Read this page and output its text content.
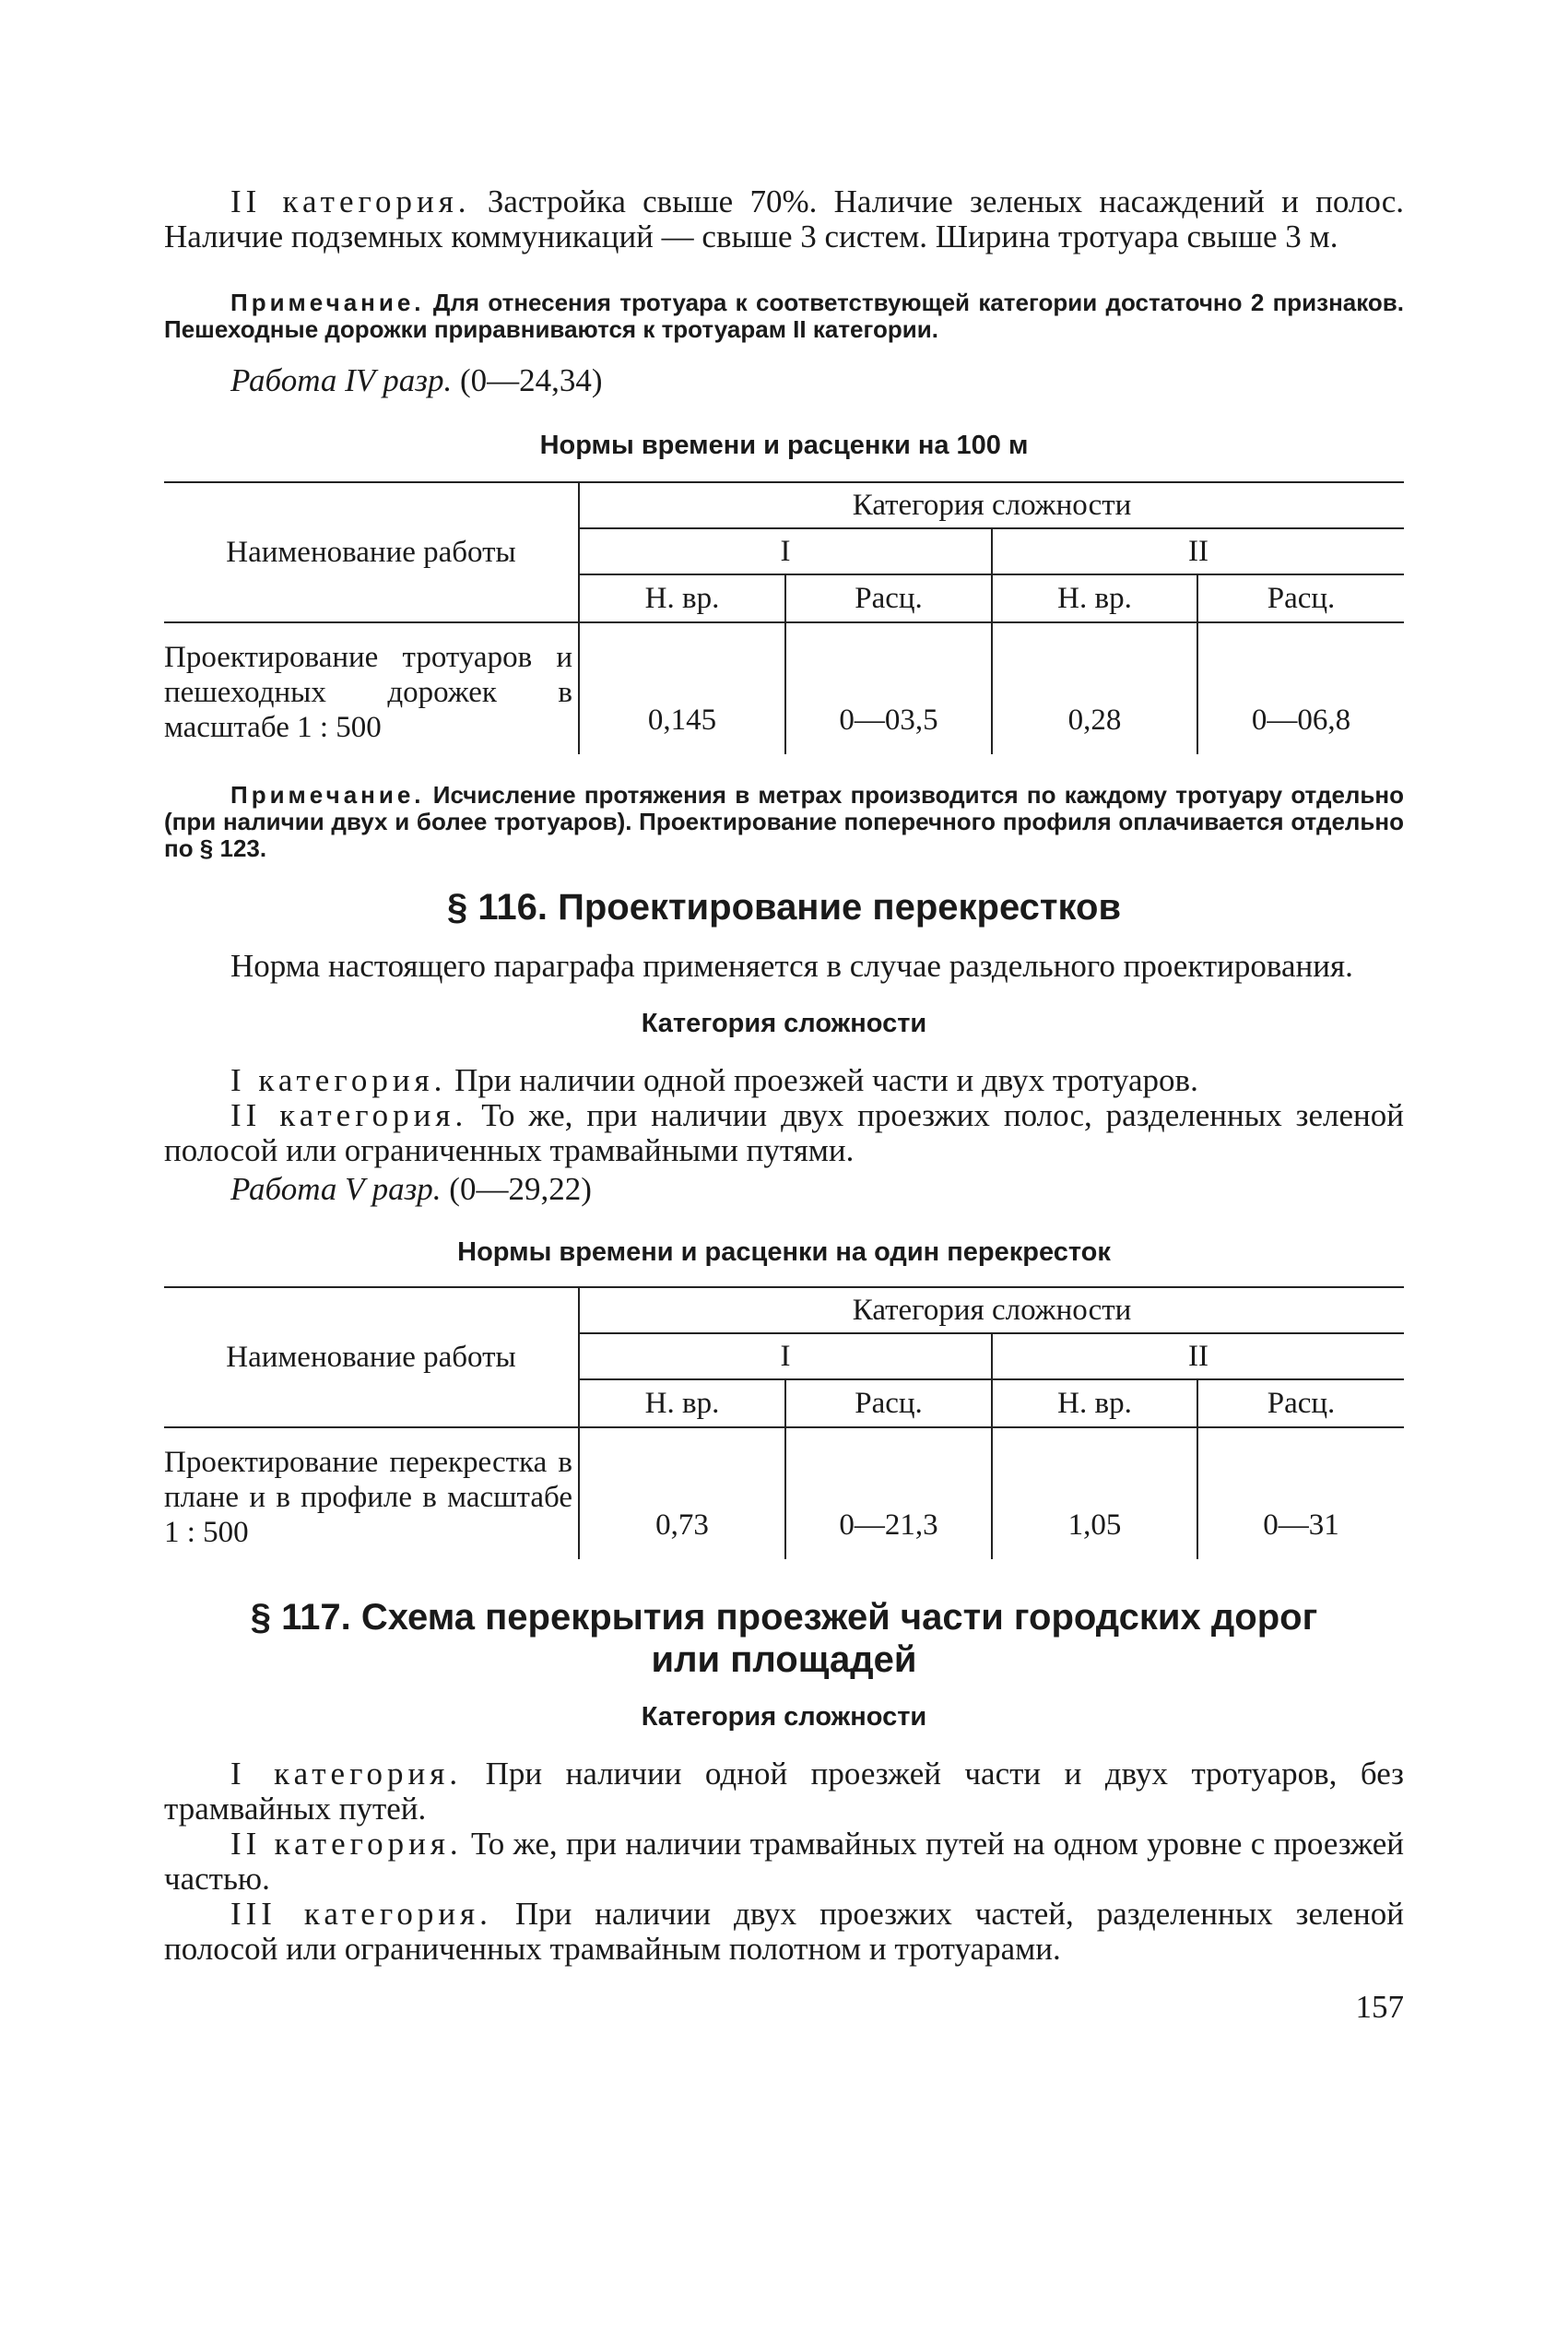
II категория. Застройка свыше 70%. Наличие зеленых насаждений и полос. Наличие подземных коммуникаций — свыше 3 систем. Ширина тротуара свыше 3 м.

Примечание. Для отнесения тротуара к соответствующей категории достаточно 2 признаков. Пешеходные дорожки приравниваются к тротуарам II категории.

Работа IV разр. (0—24,34)

Нормы времени и расценки на 100 м

Наименование работы	Категория сложности			
	I		II	
	Н. вр.	Расц.	Н. вр.	Расц.
Проектирование тротуаров и пешеходных дорожек в масштабе 1 : 500	0,145	0—03,5	0,28	0—06,8

Примечание. Исчисление протяжения в метрах производится по каждому тротуару отдельно (при наличии двух и более тротуаров). Проектирование поперечного профиля оплачивается отдельно по § 123.

§ 116. Проектирование перекрестков

Норма настоящего параграфа применяется в случае раздельного проектирования.

Категория сложности

I категория. При наличии одной проезжей части и двух тротуаров.

II категория. То же, при наличии двух проезжих полос, разделенных зеленой полосой или ограниченных трамвайными путями.

Работа V разр. (0—29,22)

Нормы времени и расценки на один перекресток

Наименование работы	Категория сложности			
	I		II	
	Н. вр.	Расц.	Н. вр.	Расц.
Проектирование перекрестка в плане и в профиле в масштабе 1 : 500	0,73	0—21,3	1,05	0—31

§ 117. Схема перекрытия проезжей части городских дорог или площадей

Категория сложности

I категория. При наличии одной проезжей части и двух тротуаров, без трамвайных путей.

II категория. То же, при наличии трамвайных путей на одном уровне с проезжей частью.

III категория. При наличии двух проезжих частей, разделенных зеленой полосой или ограниченных трамвайным полотном и тротуарами.

157
